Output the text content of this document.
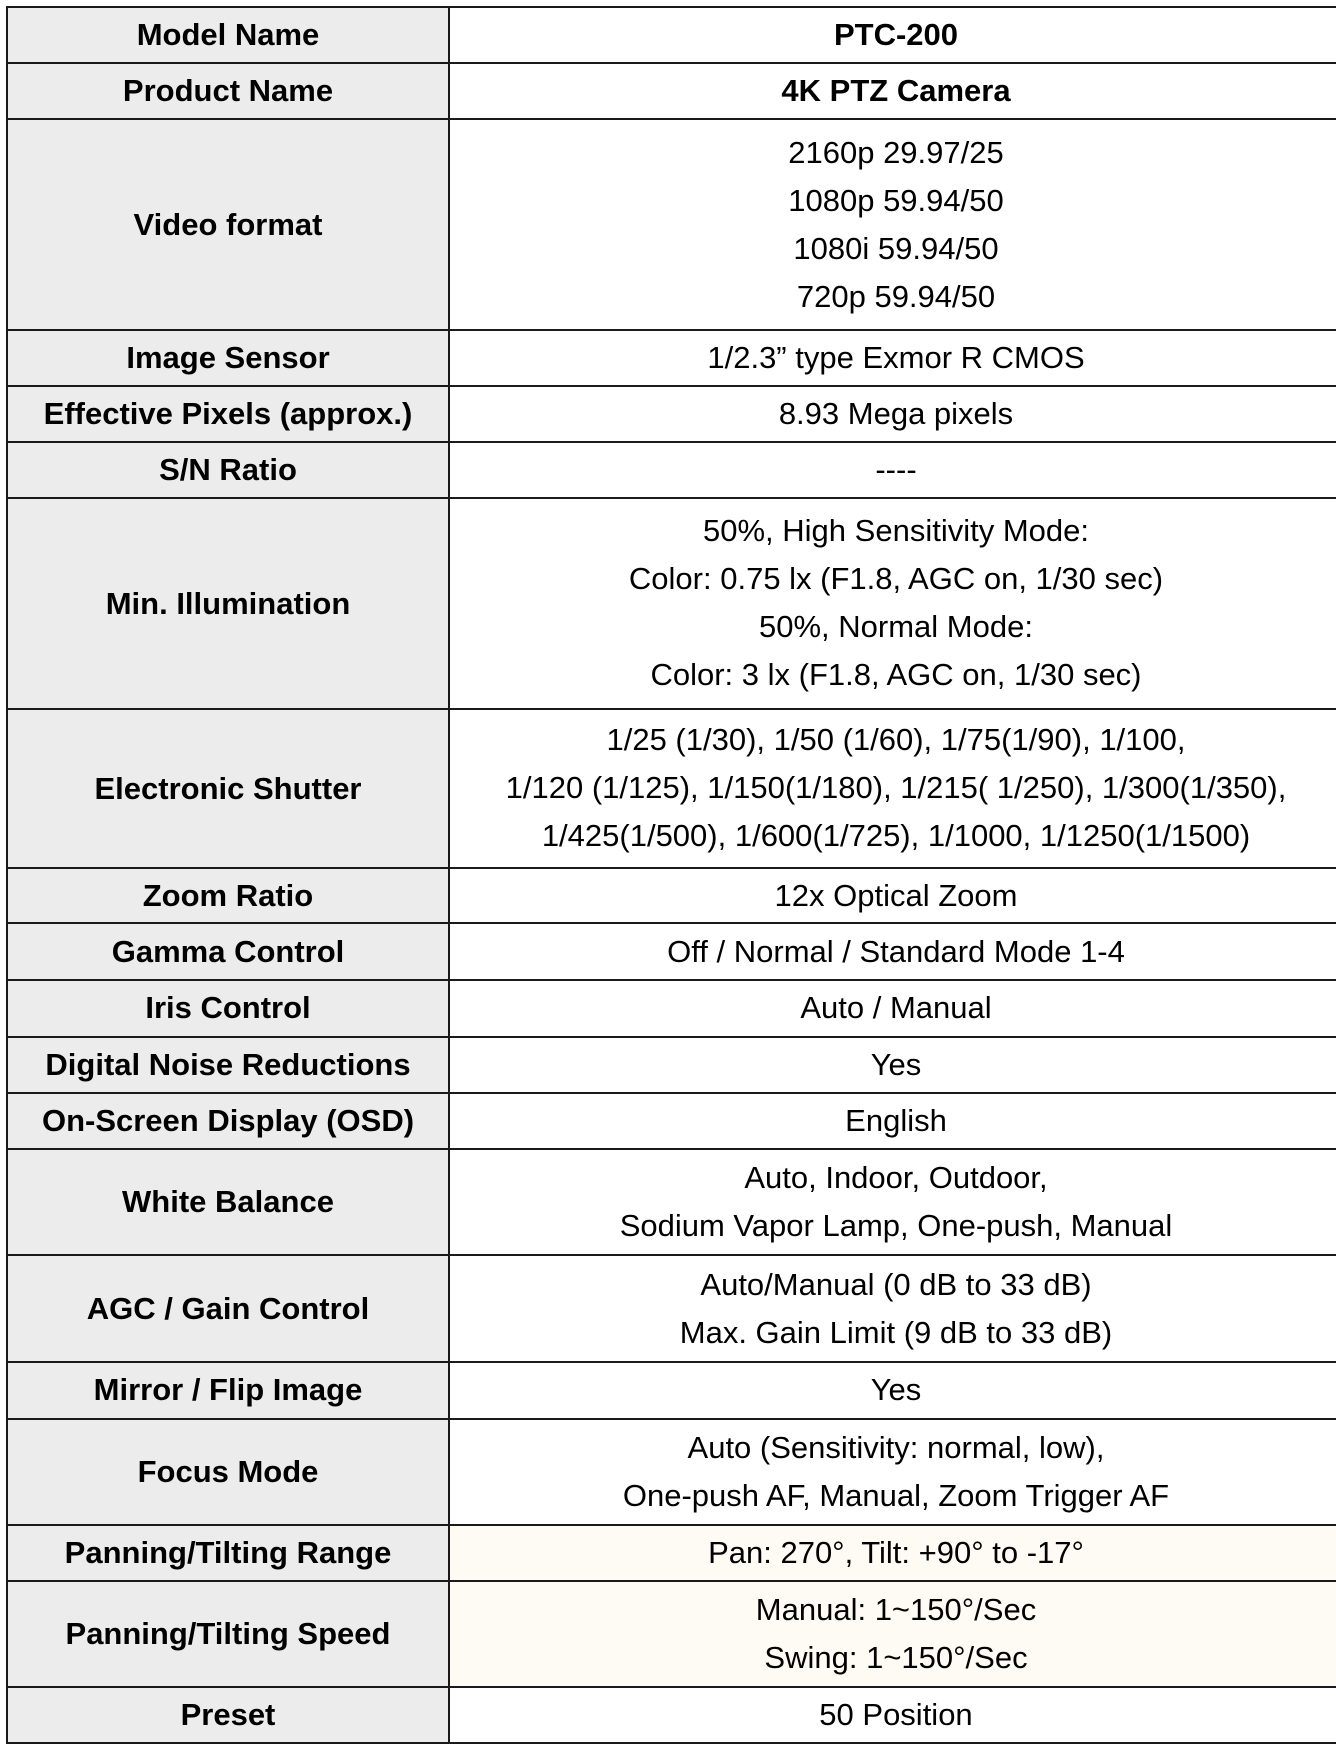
Model Name	PTC-200

Product Name	4K PTZ Camera

Video format	2160p 29.97/25
1080p 59.94/50
1080i 59.94/50
720p 59.94/50

Image Sensor	1/2.3” type Exmor R CMOS

Effective Pixels (approx.)	8.93 Mega pixels

S/N Ratio	----

Min. Illumination	50%, High Sensitivity Mode:
Color: 0.75 lx (F1.8, AGC on, 1/30 sec)
50%, Normal Mode:
Color: 3 lx (F1.8, AGC on, 1/30 sec)

Electronic Shutter	1/25 (1/30), 1/50 (1/60), 1/75(1/90), 1/100,
1/120 (1/125), 1/150(1/180), 1/215( 1/250), 1/300(1/350),
1/425(1/500), 1/600(1/725), 1/1000, 1/1250(1/1500)

Zoom Ratio	12x Optical Zoom

Gamma Control	Off / Normal / Standard Mode 1-4

Iris Control	Auto / Manual

Digital Noise Reductions	Yes

On-Screen Display (OSD)	English

White Balance	Auto, Indoor, Outdoor,
Sodium Vapor Lamp, One-push, Manual

AGC / Gain Control	Auto/Manual (0 dB to 33 dB)
Max. Gain Limit (9 dB to 33 dB)

Mirror / Flip Image	Yes

Focus Mode	Auto (Sensitivity: normal, low),
One-push AF, Manual, Zoom Trigger AF

Panning/Tilting Range	Pan: 270°, Tilt: +90° to -17°

Panning/Tilting Speed	Manual: 1~150°/Sec
Swing: 1~150°/Sec

Preset	50 Position
